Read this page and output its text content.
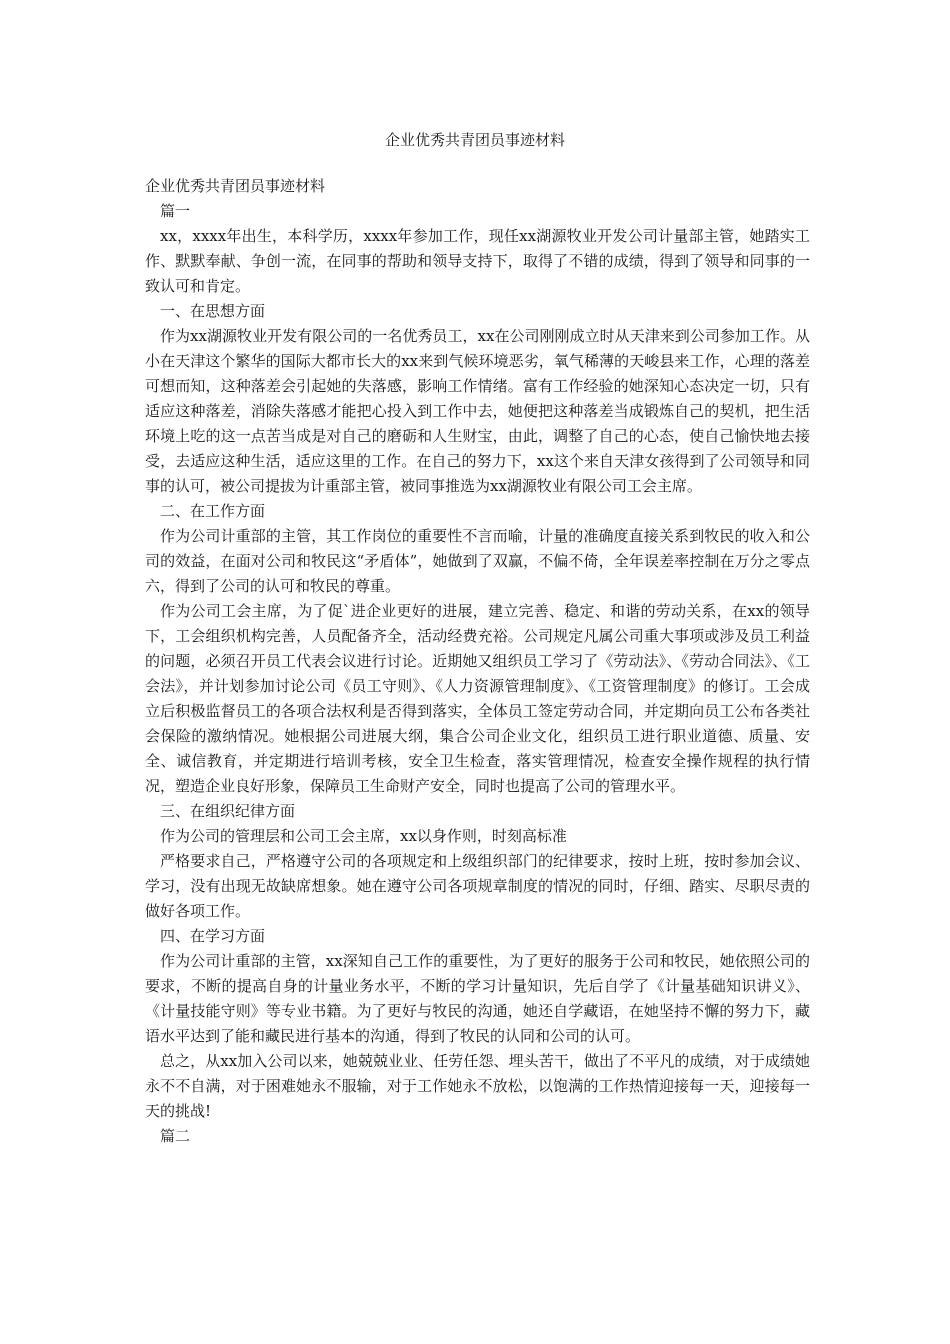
企业优秀共青团员事迹材料

企业优秀共青团员事迹材料

篇一

xx，xxxx年出生，本科学历，xxxx年参加工作，现任xx湖源牧业开发公司计量部主管，她踏实工作、默默奉献、争创一流，在同事的帮助和领导支持下，取得了不错的成绩，得到了领导和同事的一致认可和肯定。

一、在思想方面

作为xx湖源牧业开发有限公司的一名优秀员工，xx在公司刚刚成立时从天津来到公司参加工作。从小在天津这个繁华的国际大都市长大的xx来到气候环境恶劣，氧气稀薄的天峻县来工作，心理的落差可想而知，这种落差会引起她的失落感，影响工作情绪。富有工作经验的她深知心态决定一切，只有适应这种落差，消除失落感才能把心投入到工作中去，她便把这种落差当成锻炼自己的契机，把生活环境上吃的这一点苦当成是对自己的磨砺和人生财宝，由此，调整了自己的心态，使自己愉快地去接受，去适应这种生活，适应这里的工作。在自己的努力下，xx这个来自天津女孩得到了公司领导和同事的认可，被公司提拔为计重部主管，被同事推选为xx湖源牧业有限公司工会主席。

二、在工作方面

作为公司计重部的主管，其工作岗位的重要性不言而喻，计量的准确度直接关系到牧民的收入和公司的效益，在面对公司和牧民这“矛盾体”，她做到了双赢，不偏不倚，全年误差率控制在万分之零点六，得到了公司的认可和牧民的尊重。

作为公司工会主席，为了促`进企业更好的进展，建立完善、稳定、和谐的劳动关系，在xx的领导下，工会组织机构完善，人员配备齐全，活动经费充裕。公司规定凡属公司重大事项或涉及员工利益的问题，必须召开员工代表会议进行讨论。近期她又组织员工学习了《劳动法》、《劳动合同法》、《工会法》，并计划参加讨论公司《员工守则》、《人力资源管理制度》、《工资管理制度》的修订。工会成立后积极监督员工的各项合法权利是否得到落实，全体员工签定劳动合同，并定期向员工公布各类社会保险的激纳情况。她根据公司进展大纲，集合公司企业文化，组织员工进行职业道德、质量、安全、诚信教育，并定期进行培训考核，安全卫生检查，落实管理情况，检查安全操作规程的执行情况，塑造企业良好形象，保障员工生命财产安全，同时也提高了公司的管理水平。

三、在组织纪律方面

作为公司的管理层和公司工会主席，xx以身作则，时刻高标准

严格要求自己，严格遵守公司的各项规定和上级组织部门的纪律要求，按时上班，按时参加会议、学习，没有出现无故缺席想象。她在遵守公司各项规章制度的情况的同时，仔细、踏实、尽职尽责的做好各项工作。

四、在学习方面

作为公司计重部的主管，xx深知自己工作的重要性，为了更好的服务于公司和牧民，她依照公司的要求，不断的提高自身的计量业务水平，不断的学习计量知识，先后自学了《计量基础知识讲义》、《计量技能守则》等专业书籍。为了更好与牧民的沟通，她还自学藏语，在她坚持不懈的努力下，藏语水平达到了能和藏民进行基本的沟通，得到了牧民的认同和公司的认可。

总之，从xx加入公司以来，她兢兢业业、任劳任怨、埋头苦干，做出了不平凡的成绩，对于成绩她永不不自满，对于困难她永不服输，对于工作她永不放松，以饱满的工作热情迎接每一天，迎接每一天的挑战!

篇二
